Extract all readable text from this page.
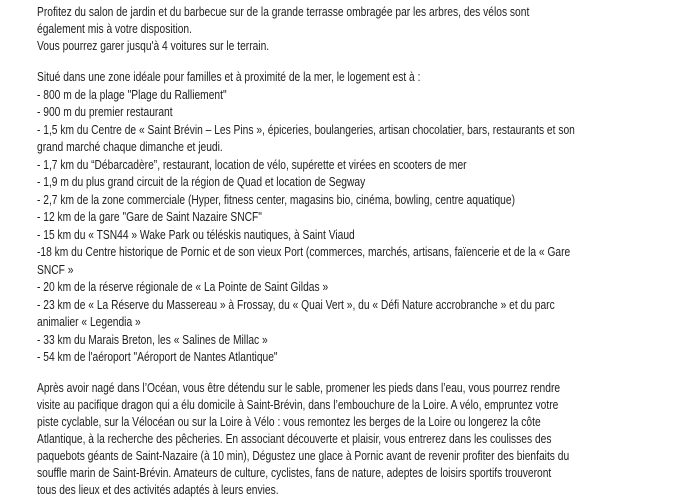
Profitez du salon de jardin et du barbecue sur de la grande terrasse ombragée par les arbres, des vélos sont
également mis à votre disposition.
Vous pourrez garer jusqu'à 4 voitures sur le terrain.
Situé dans une zone idéale pour familles et à proximité de la mer, le logement est à :
- 800 m de la plage "Plage du Ralliement"
- 900 m du premier restaurant
- 1,5 km du Centre de « Saint Brévin – Les Pins », épiceries, boulangeries, artisan chocolatier, bars, restaurants et son
grand marché chaque dimanche et jeudi.
- 1,7 km du “Débarcadère”, restaurant, location de vélo, supérette et virées en scooters de mer
- 1,9 m du plus grand circuit de la région de Quad et location de Segway
- 2,7 km de la zone commerciale (Hyper, fitness center, magasins bio, cinéma, bowling, centre aquatique)
- 12 km de la gare "Gare de Saint Nazaire SNCF"
- 15 km du « TSN44 » Wake Park ou téléskis nautiques, à Saint Viaud
-18 km du Centre historique de Pornic et de son vieux Port (commerces, marchés, artisans, faïencerie et de la « Gare
SNCF »
- 20 km de la réserve régionale de « La Pointe de Saint Gildas »
- 23 km de « La Réserve du Massereau » à Frossay, du « Quai Vert », du « Défi Nature accrobranche » et du parc
animalier « Legendia »
- 33 km du Marais Breton, les « Salines de Millac »
- 54 km de l'aéroport "Aéroport de Nantes Atlantique"
Après avoir nagé dans l’Océan, vous être détendu sur le sable, promener les pieds dans l’eau, vous pourrez rendre
visite au pacifique dragon qui a élu domicile à Saint-Brévin, dans l’embouchure de la Loire. A vélo, empruntez votre
piste cyclable, sur la Vélocéan ou sur la Loire à Vélo : vous remontez les berges de la Loire ou longerez la côte
Atlantique, à la recherche des pêcheries. En associant découverte et plaisir, vous entrerez dans les coulisses des
paquebots géants de Saint-Nazaire (à 10 min), Dégustez une glace à Pornic avant de revenir profiter des bienfaits du
souffle marin de Saint-Brévin. Amateurs de culture, cyclistes, fans de nature, adeptes de loisirs sportifs trouveront
tous des lieux et des activités adaptés à leurs envies.
